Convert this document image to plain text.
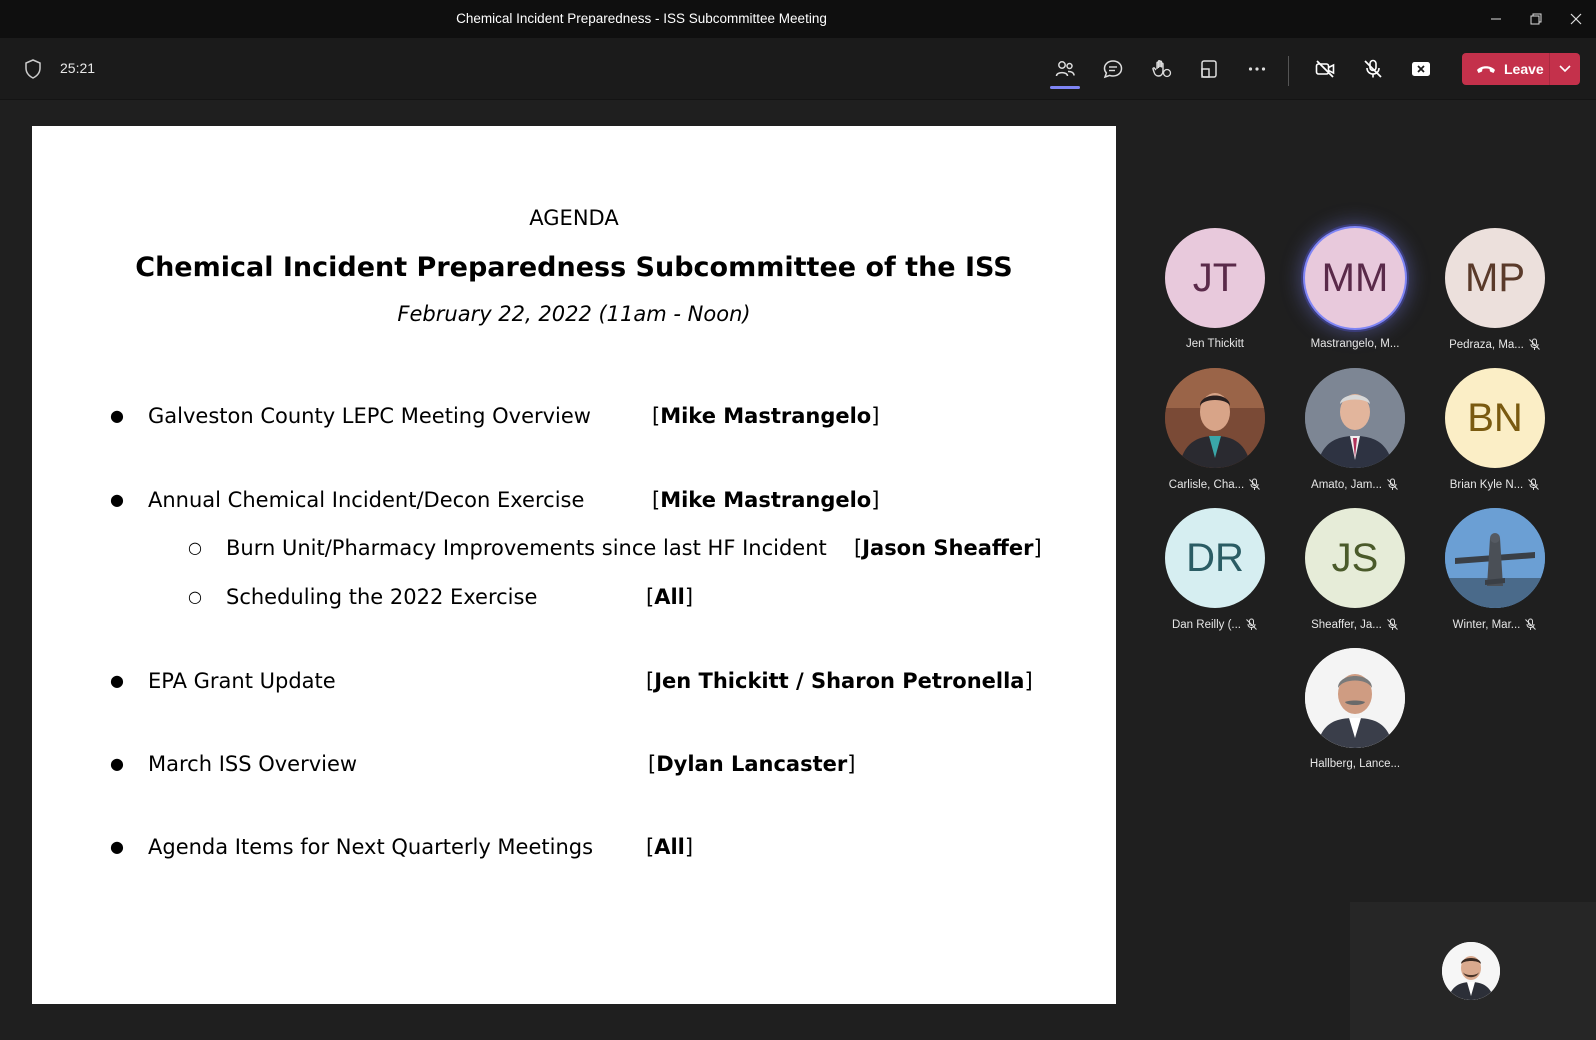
Chemical Incident Preparedness - ISS Subcommittee Meeting
25:21	Leave
AGENDA
Chemical Incident Preparedness Subcommittee of the ISS
February 22, 2022 (11am - Noon)
● Galveston County LEPC Meeting Overview	[Mike Mastrangelo]
● Annual Chemical Incident/Decon Exercise	[Mike Mastrangelo]
○ Burn Unit/Pharmacy Improvements since last HF Incident [Jason Sheaffer]
○ Scheduling the 2022 Exercise	[All]
● EPA Grant Update	[Jen Thickitt / Sharon Petronella]
● March ISS Overview	[Dylan Lancaster]
● Agenda Items for Next Quarterly Meetings	[All]
JT
Jen Thickitt
MM
Mastrangelo, M...
MP
Pedraza, Ma...
Carlisle, Cha...	Amato, Jam...
BN
Brian Kyle N...
DR
Dan Reilly (...
JS
Sheaffer, Ja...	Winter, Mar...
Hallberg, Lance...
